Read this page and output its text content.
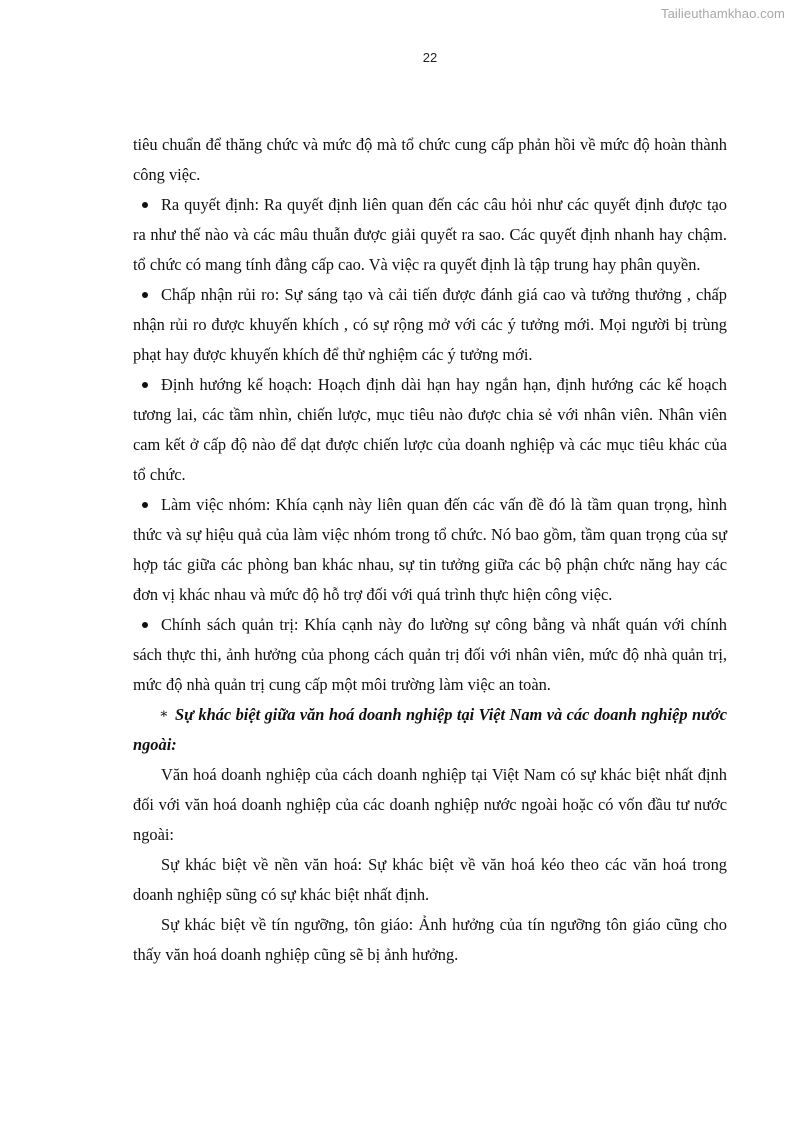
Tailieuthamkhao.com
22

tiêu chuẩn để thăng chức và mức độ mà tổ chức cung cấp phản hồi về mức độ hoàn thành công việc.

Ra quyết định: Ra quyết định liên quan đến các câu hỏi như các quyết định được tạo ra như thế nào và các mâu thuẫn được giải quyết ra sao. Các quyết định nhanh hay chậm. tổ chức có mang tính đẳng cấp cao. Và việc ra quyết định là tập trung hay phân quyền.

Chấp nhận rủi ro: Sự sáng tạo và cải tiến được đánh giá cao và tưởng thưởng , chấp nhận rủi ro được khuyến khích , có sự rộng mở với các ý tưởng mới. Mọi người bị trùng phạt hay được khuyến khích để thử nghiệm các ý tưởng mới.

Định hướng kế hoạch: Hoạch định dài hạn hay ngắn hạn, định hướng các kế hoạch tương lai, các tầm nhìn, chiến lược, mục tiêu nào được chia sẻ với nhân viên. Nhân viên cam kết ở cấp độ nào để dạt được chiến lược của doanh nghiệp và các mục tiêu khác của tổ chức.

Làm việc nhóm: Khía cạnh này liên quan đến các vấn đề đó là tầm quan trọng, hình thức và sự hiệu quả của làm việc nhóm trong tổ chức. Nó bao gồm, tầm quan trọng của sự hợp tác giữa các phòng ban khác nhau, sự tin tưởng giữa các bộ phận chức năng hay các đơn vị khác nhau và mức độ hỗ trợ đối với quá trình thực hiện công việc.

Chính sách quản trị: Khía cạnh này đo lường sự công bằng và nhất quán với chính sách thực thi, ảnh hưởng của phong cách quản trị đối với nhân viên, mức độ nhà quản trị, mức độ nhà quản trị cung cấp một môi trường làm việc an toàn.

∗ Sự khác biệt giữa văn hoá doanh nghiệp tại Việt Nam và các doanh nghiệp nước ngoài:

Văn hoá doanh nghiệp của cách doanh nghiệp tại Việt Nam có sự khác biệt nhất định đối với văn hoá doanh nghiệp của các doanh nghiệp nước ngoài hoặc có vốn đầu tư nước ngoài:

Sự khác biệt về nền văn hoá: Sự khác biệt về văn hoá kéo theo các văn hoá trong doanh nghiệp sũng có sự khác biệt nhất định.

Sự khác biệt về tín ngưỡng, tôn giáo: Ảnh hưởng của tín ngưỡng tôn giáo cũng cho thấy văn hoá doanh nghiệp cũng sẽ bị ảnh hưởng.
